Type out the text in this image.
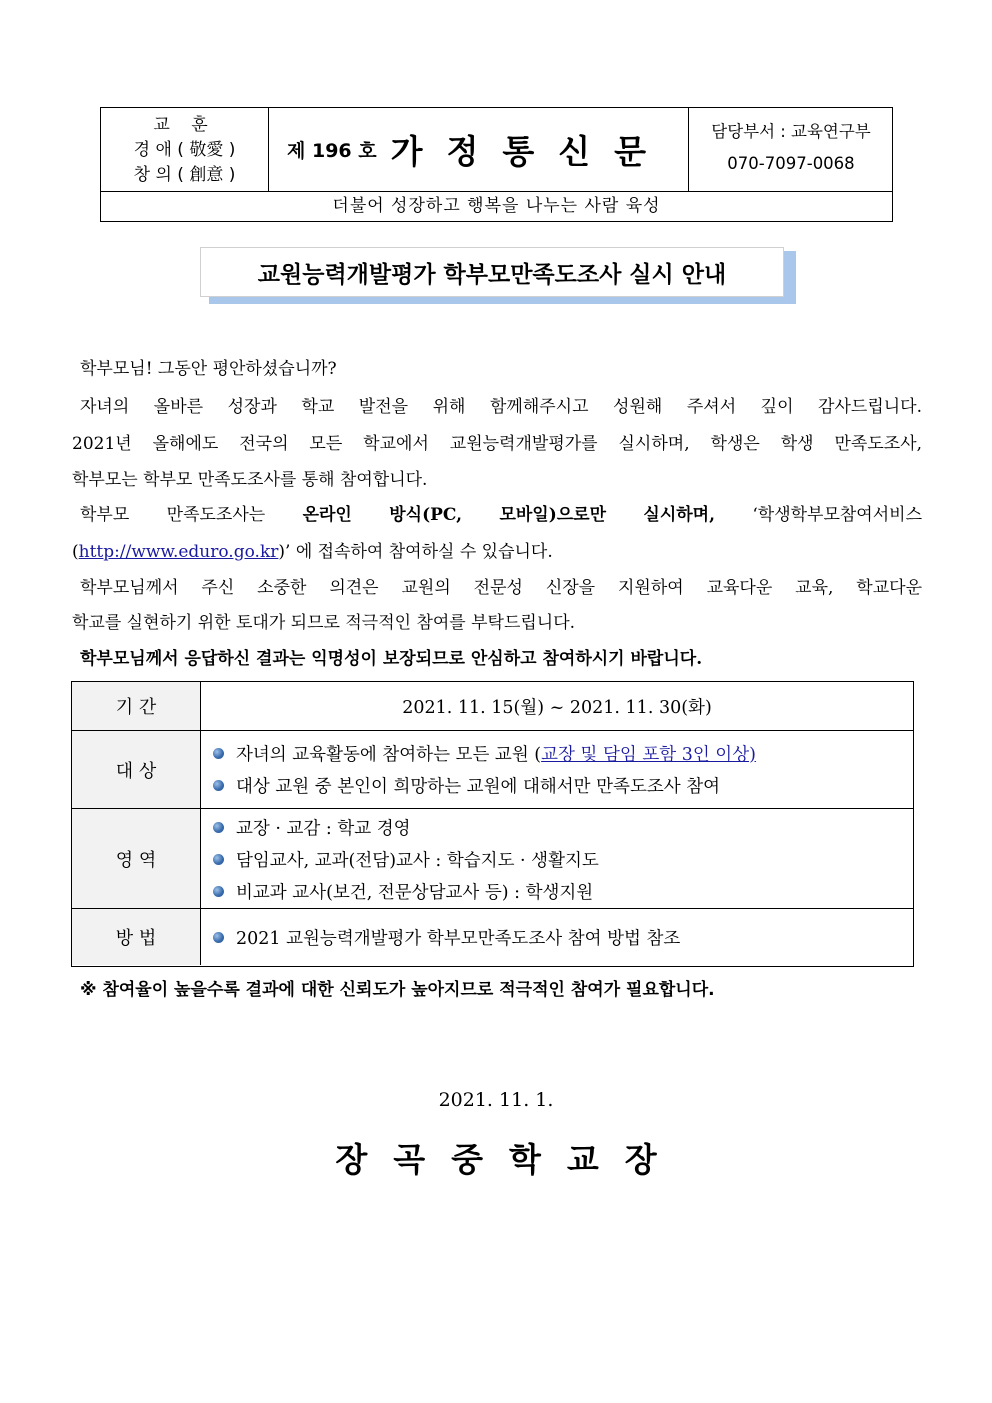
교 훈
경 애 ( 敬愛 )
창 의 ( 創意 )
제 196 호 가정통신문
담당부서 : 교육연구부
070-7097-0068
더불어 성장하고 행복을 나누는 사람 육성
교원능력개발평가 학부모만족도조사 실시 안내
학부모님! 그동안 평안하셨습니까?
자녀의 올바른 성장과 학교 발전을 위해 함께해주시고 성원해 주셔서 깊이 감사드립니다.
2021년 올해에도 전국의 모든 학교에서 교원능력개발평가를 실시하며, 학생은 학생 만족도조사,
학부모는 학부모 만족도조사를 통해 참여합니다.
학부모 만족도조사는 온라인 방식(PC, 모바일)으로만 실시하며, ‘학생학부모참여서비스
(http://www.eduro.go.kr)’ 에 접속하여 참여하실 수 있습니다.
학부모님께서 주신 소중한 의견은 교원의 전문성 신장을 지원하여 교육다운 교육, 학교다운
학교를 실현하기 위한 토대가 되므로 적극적인 참여를 부탁드립니다.
학부모님께서 응답하신 결과는 익명성이 보장되므로 안심하고 참여하시기 바랍니다.
기 간	2021. 11. 15(월) ~ 2021. 11. 30(화)
대 상
자녀의 교육활동에 참여하는 모든 교원 ( 교장 및 담임 포함 3인 이상)
대상 교원 중 본인이 희망하는 교원에 대해서만 만족도조사 참여
영 역
교장 · 교감 : 학교 경영
담임교사, 교과(전담)교사 : 학습지도 · 생활지도
비교과 교사(보건, 전문상담교사 등) : 학생지원
방 법	2021 교원능력개발평가 학부모만족도조사 참여 방법 참조
※ 참여율이 높을수록 결과에 대한 신뢰도가 높아지므로 적극적인 참여가 필요합니다.
2021. 11. 1.
장곡중학교장
